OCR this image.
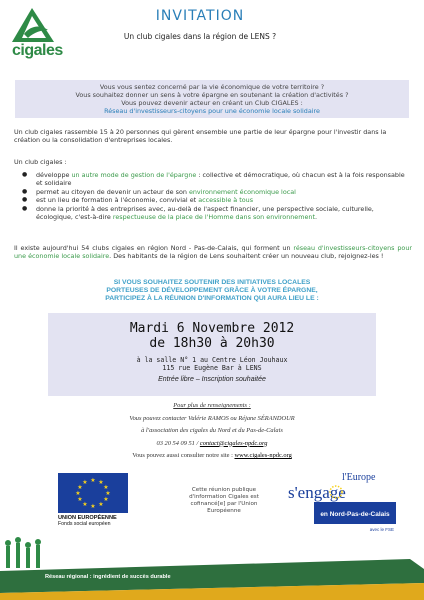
cigales
INVITATION
Un club cigales dans la région de LENS ?
Vous vous sentez concerné par la vie économique de votre territoire ?
Vous souhaitez donner un sens à votre épargne en soutenant la création d'activités ?
Vous pouvez devenir acteur en créant un Club CIGALES :
Réseau d'investisseurs-citoyens pour une économie locale solidaire
Un club cigales rassemble 15 à 20 personnes qui gèrent ensemble une partie de leur épargne pour l'investir dans la création ou la consolidation d'entreprises locales.
Un club cigales :
● développe un autre mode de gestion de l'épargne : collective et démocratique, où chacun est à la fois responsable et solidaire
● permet au citoyen de devenir un acteur de son environnement économique local
● est un lieu de formation à l'économie, convivial et accessible à tous
● donne la priorité à des entreprises avec, au-delà de l'aspect financier, une perspective sociale, culturelle, écologique, c'est-à-dire respectueuse de la place de l'Homme dans son environnement.
Il existe aujourd'hui 54 clubs cigales en région Nord - Pas-de-Calais, qui forment un réseau d'investisseurs-citoyens pour une économie locale solidaire. Des habitants de la région de Lens souhaitent créer un nouveau club, rejoignez-les !
SI VOUS SOUHAITEZ SOUTENIR DES INITIATIVES LOCALES
PORTEUSES DE DÉVELOPPEMENT GRÂCE À VOTRE ÉPARGNE,
PARTICIPEZ À LA RÉUNION D'INFORMATION QUI AURA LIEU LE :
Mardi 6 Novembre 2012
de 18h30 à 20h30
à la salle N° 1 au Centre Léon Jouhaux
115 rue Eugène Bar à LENS
Entrée libre – Inscription souhaitée
Pour plus de renseignements :
Vous pouvez contacter Valérie RAMOS ou Réjane SÉRANDOUR
à l'association des cigales du Nord et du Pas-de-Calais
03 20 54 09 51 / contact@cigales-npdc.org
Vous pouvez aussi consulter notre site : www.cigales-npdc.org
★ ★
★
★
★
★
★
★
★
★
★
★
UNION EUROPÉENNE
Fonds social européen
Cette réunion publique d'information Cigales est cofinancé[e] par l'Union Européenne
l'Europe
s'engage
en Nord-Pas-de-Calais
avec le FSE
Réseau régional : ingrédient de succès durable
